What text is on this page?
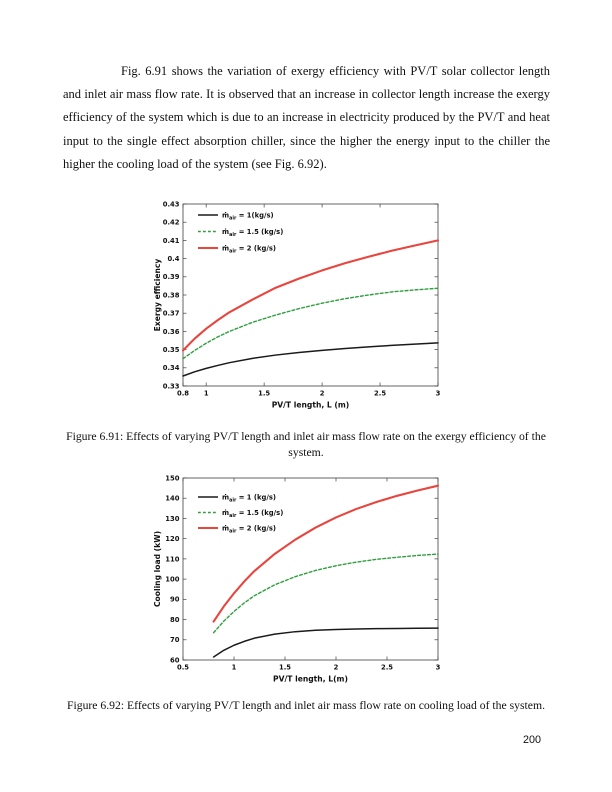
Fig. 6.91 shows the variation of exergy efficiency with PV/T solar collector length and inlet air mass flow rate. It is observed that an increase in collector length increase the exergy efficiency of the system which is due to an increase in electricity produced by the PV/T and heat input to the single effect absorption chiller, since the higher the energy input to the chiller the higher the cooling load of the system (see Fig. 6.92).

0.8 1	1.5	2	2.5	3
0.33
0.34
0.35
0.36
0.37
0.38
0.39
0.4
0.41
0.42
0.43
PV/T length, L (m)
Exergy efficiency
ṁ$_{air}$ = 1(kg/s)
ṁ$_{air}$ = 1.5 (kg/s)
ṁ$_{air}$ = 2 (kg/s)

Figure 6.91: Effects of varying PV/T length and inlet air mass flow rate on the exergy efficiency of the system.

0.5	1	1.5	2	2.5	3
60
70
80
90
100
110
120
130
140
150
PV/T length, L(m)
Cooling load (kW)
ṁ$_{air}$ = 1 (kg/s)
ṁ$_{air}$ = 1.5 (kg/s)
ṁ$_{air}$ = 2 (kg/s)

Figure 6.92: Effects of varying PV/T length and inlet air mass flow rate on cooling load of the system.

200
